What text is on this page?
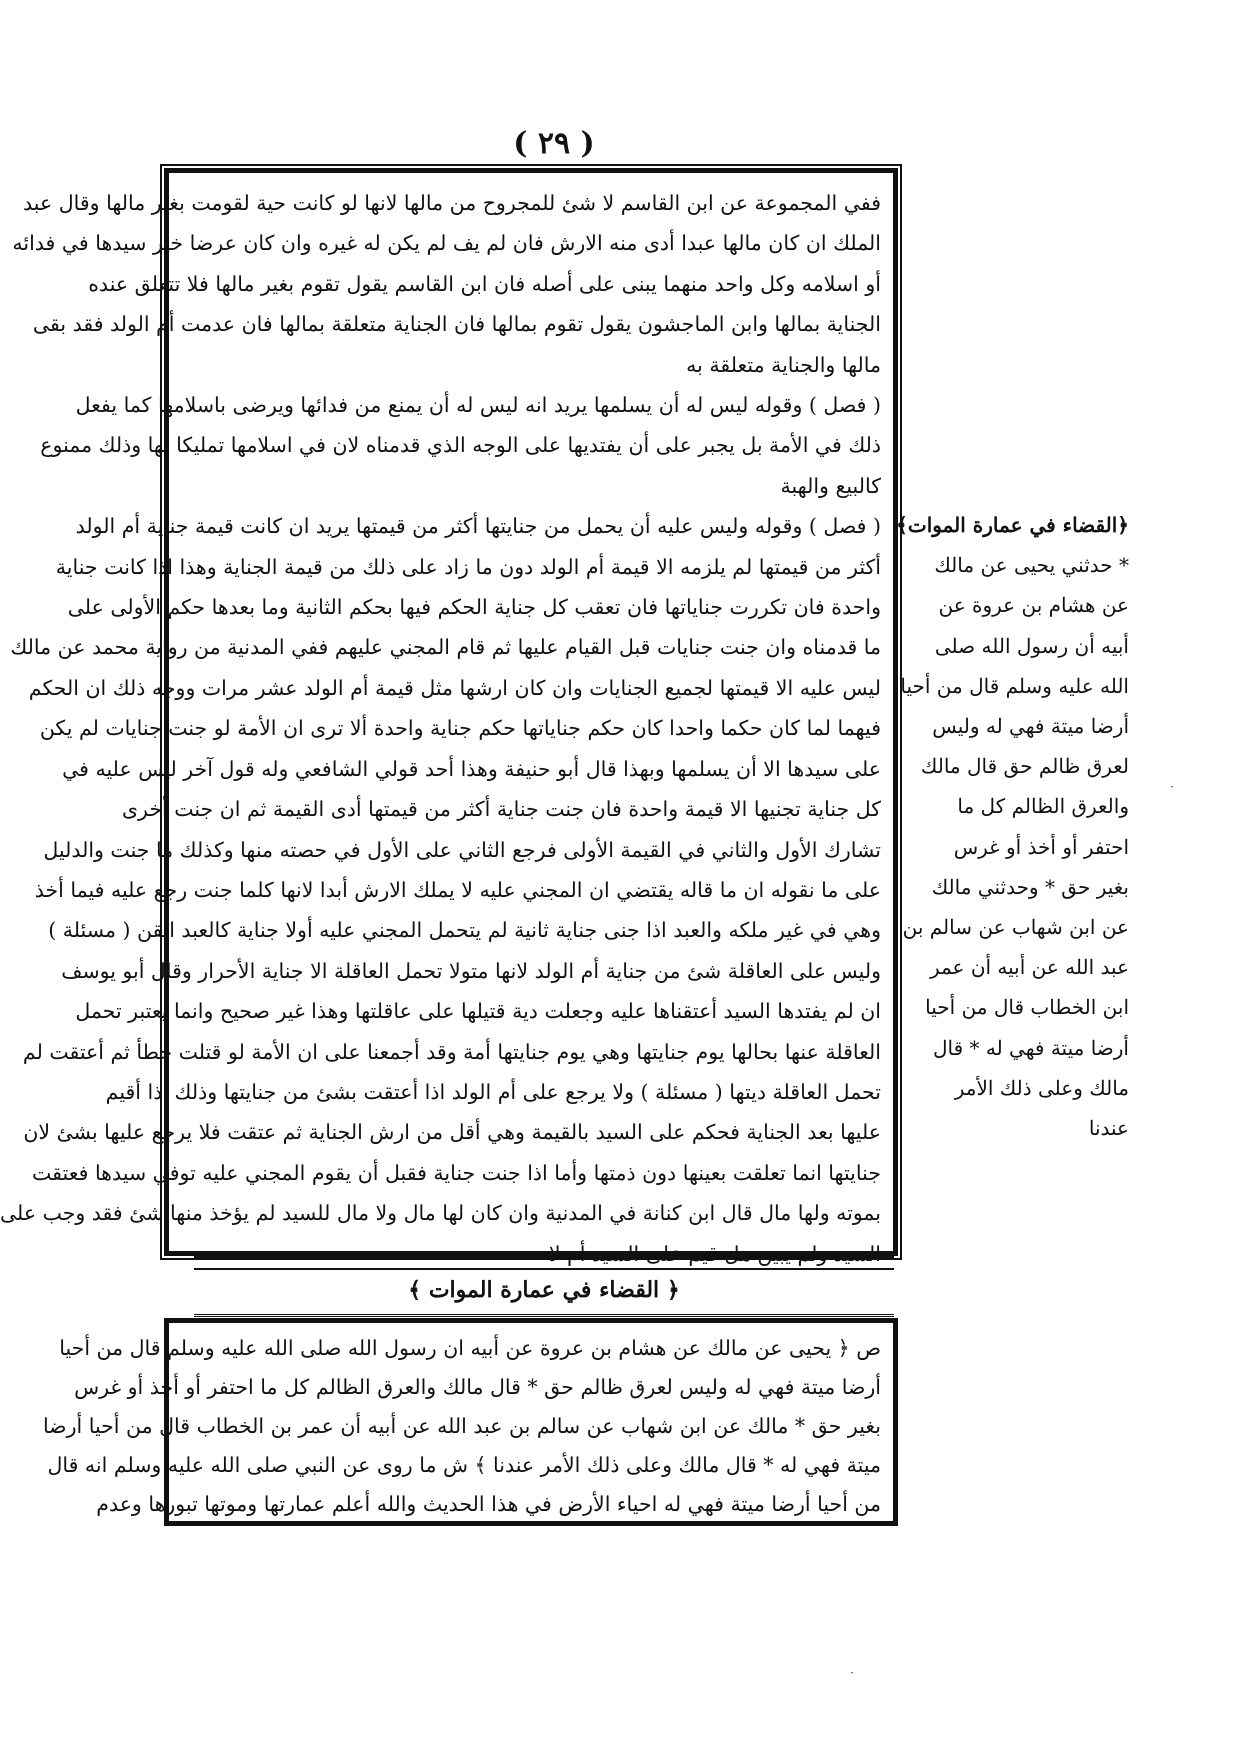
( ٢٩ )

ففي المجموعة عن ابن القاسم لا شئ للمجروح من مالها لانها لو كانت حية لقومت بغير مالها وقال عبد
الملك ان كان مالها عبدا أدى منه الارش فان لم يف لم يكن له غيره وان كان عرضا خير سيدها في فدائه
أو اسلامه وكل واحد منهما يبنى على أصله فان ابن القاسم يقول تقوم بغير مالها فلا تتعلق عنده
الجناية بمالها وابن الماجشون يقول تقوم بمالها فان الجناية متعلقة بمالها فان عدمت أم الولد فقد بقى
مالها والجناية متعلقة به

( فصل ) وقوله ليس له أن يسلمها يريد انه ليس له أن يمنع من فدائها ويرضى باسلامها كما يفعل
ذلك في الأمة بل يجبر على أن يفتديها على الوجه الذي قدمناه لان في اسلامها تمليكا لها وذلك ممنوع
كالبيع والهبة

( فصل ) وقوله وليس عليه أن يحمل من جنايتها أكثر من قيمتها يريد ان كانت قيمة جناية أم الولد
أكثر من قيمتها لم يلزمه الا قيمة أم الولد دون ما زاد على ذلك من قيمة الجناية وهذا اذا كانت جناية
واحدة فان تكررت جناياتها فان تعقب كل جناية الحكم فيها بحكم الثانية وما بعدها حكم الأولى على
ما قدمناه وان جنت جنايات قبل القيام عليها ثم قام المجني عليهم ففي المدنية من رواية محمد عن مالك
ليس عليه الا قيمتها لجميع الجنايات وان كان ارشها مثل قيمة أم الولد عشر مرات ووجه ذلك ان الحكم
فيهما لما كان حكما واحدا كان حكم جناياتها حكم جناية واحدة ألا ترى ان الأمة لو جنت جنايات لم يكن
على سيدها الا أن يسلمها وبهذا قال أبو حنيفة وهذا أحد قولي الشافعي وله قول آخر ليس عليه في
كل جناية تجنيها الا قيمة واحدة فان جنت جناية أكثر من قيمتها أدى القيمة ثم ان جنت أخرى
تشارك الأول والثاني في القيمة الأولى فرجع الثاني على الأول في حصته منها وكذلك ما جنت والدليل
على ما نقوله ان ما قاله يقتضي ان المجني عليه لا يملك الارش أبدا لانها كلما جنت رجع عليه فيما أخذ
وهي في غير ملكه والعبد اذا جنى جناية ثانية لم يتحمل المجني عليه أولا جناية كالعبد القن ( مسئلة )
وليس على العاقلة شئ من جناية أم الولد لانها متولا تحمل العاقلة الا جناية الأحرار وقال أبو يوسف
ان لم يفتدها السيد أعتقناها عليه وجعلت دية قتيلها على عاقلتها وهذا غير صحيح وانما يعتبر تحمل
العاقلة عنها بحالها يوم جنايتها وهي يوم جنايتها أمة وقد أجمعنا على ان الأمة لو قتلت خطأ ثم أعتقت لم
تحمل العاقلة ديتها ( مسئلة ) ولا يرجع على أم الولد اذا أعتقت بشئ من جنايتها وذلك اذا أقيم
عليها بعد الجناية فحكم على السيد بالقيمة وهي أقل من ارش الجناية ثم عتقت فلا يرجع عليها بشئ لان
جنايتها انما تعلقت بعينها دون ذمتها وأما اذا جنت جناية فقبل أن يقوم المجني عليه توفي سيدها فعتقت
بموته ولها مال قال ابن كنانة في المدنية وان كان لها مال ولا مال للسيد لم يؤخذ منها شئ فقد وجب على
السيد ولم يبين هل قيم على السيد أم لا

﴿القضاء في عمارة الموات﴾
* حدثني يحيى عن مالك
عن هشام بن عروة عن
أبيه أن رسول الله صلى
الله عليه وسلم قال من أحيا
أرضا ميتة فهي له وليس
لعرق ظالم حق قال مالك
والعرق الظالم كل ما
احتفر أو أخذ أو غرس
بغير حق * وحدثني مالك
عن ابن شهاب عن سالم بن
عبد الله عن أبيه أن عمر
ابن الخطاب قال من أحيا
أرضا ميتة فهي له * قال
مالك وعلى ذلك الأمر
عندنا
﴿ القضاء في عمارة الموات ﴾

ص ﴿ يحيى عن مالك عن هشام بن عروة عن أبيه ان رسول الله صلى الله عليه وسلم قال من أحيا
أرضا ميتة فهي له وليس لعرق ظالم حق * قال مالك والعرق الظالم كل ما احتفر أو أخذ أو غرس
بغير حق * مالك عن ابن شهاب عن سالم بن عبد الله عن أبيه أن عمر بن الخطاب قال من أحيا أرضا
ميتة فهي له * قال مالك وعلى ذلك الأمر عندنا ﴾ ش ما روى عن النبي صلى الله عليه وسلم انه قال
من أحيا أرضا ميتة فهي له احياء الأرض في هذا الحديث والله أعلم عمارتها وموتها تبورها وعدم

·
·
